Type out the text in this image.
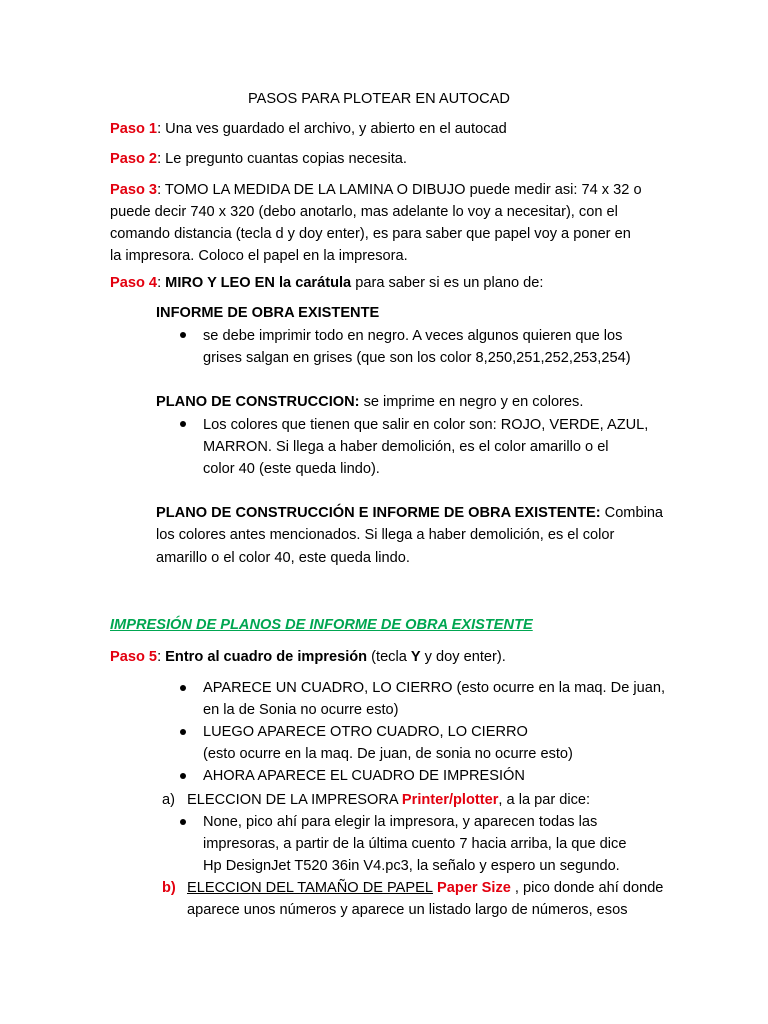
PASOS PARA PLOTEAR EN AUTOCAD
Paso 1: Una ves guardado el archivo, y abierto en el autocad
Paso 2: Le pregunto cuantas copias necesita.
Paso 3: TOMO LA MEDIDA DE LA LAMINA O DIBUJO puede medir asi: 74 x 32 o
puede decir 740 x 320 (debo anotarlo, mas adelante lo voy a necesitar), con el
comando distancia (tecla d y doy enter), es para saber que papel voy a poner en
la impresora. Coloco el papel en la impresora.
Paso 4: MIRO Y LEO EN la carátula para saber si es un plano de:
INFORME DE OBRA EXISTENTE
se debe imprimir todo en negro. A veces algunos quieren que los
grises salgan en grises (que son los color 8,250,251,252,253,254)
PLANO DE CONSTRUCCION: se imprime en negro y en colores.
Los colores que tienen que salir en color son: ROJO, VERDE, AZUL,
MARRON. Si llega a haber demolición, es el color amarillo o el
color 40 (este queda lindo).
PLANO DE CONSTRUCCIÓN E INFORME DE OBRA EXISTENTE: Combina
los colores antes mencionados. Si llega a haber demolición, es el color
amarillo o el color 40, este queda lindo.
IMPRESIÓN DE PLANOS DE INFORME DE OBRA EXISTENTE
Paso 5: Entro al cuadro de impresión (tecla Y y doy enter).
APARECE UN CUADRO, LO CIERRO (esto ocurre en la maq. De juan,
en la de Sonia no ocurre esto)
LUEGO APARECE OTRO CUADRO, LO CIERRO
(esto ocurre en la maq. De juan, de sonia no ocurre esto)
AHORA APARECE EL CUADRO DE IMPRESIÓN
a) ELECCION DE LA IMPRESORA Printer/plotter, a la par dice:
None, pico ahí para elegir la impresora, y aparecen todas las
impresoras, a partir de la última cuento 7 hacia arriba, la que dice
Hp DesignJet T520 36in V4.pc3, la señalo y espero un segundo.
b) ELECCION DEL TAMAÑO DE PAPEL Paper Size , pico donde ahí donde
aparece unos números y aparece un listado largo de números, esos
